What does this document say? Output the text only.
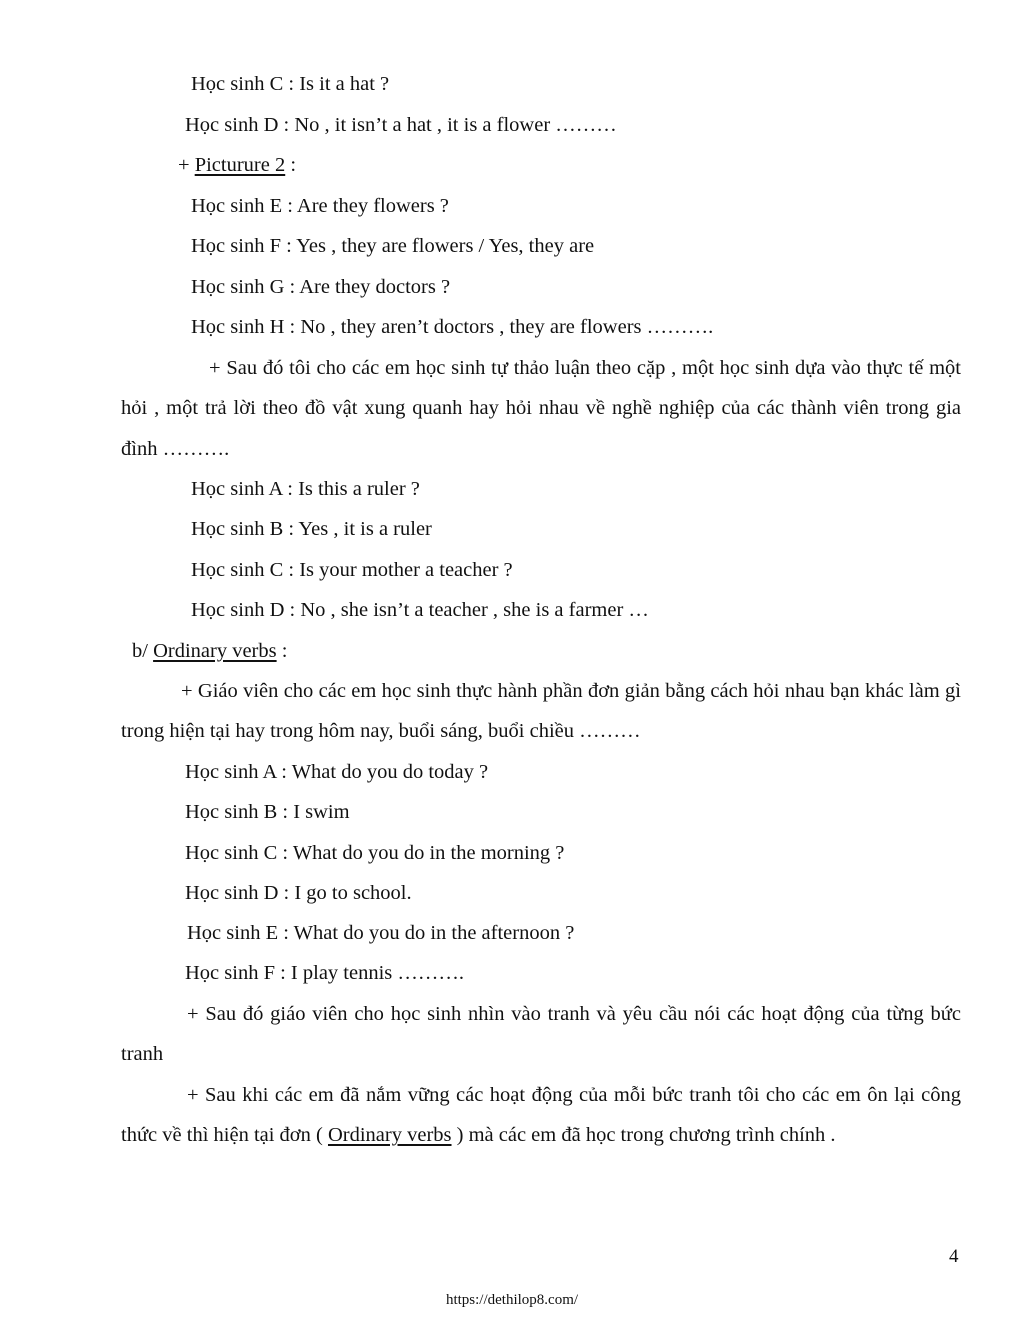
Học sinh C : Is it a hat ?
Học sinh D : No , it isn’t a hat , it is a flower ………
+ Picturure 2 :
Học sinh E : Are they flowers ?
Học sinh F : Yes , they are flowers / Yes, they are
Học sinh G : Are they doctors ?
Học sinh H : No , they aren’t doctors , they are flowers ……….
+ Sau đó tôi cho các em học sinh tự thảo luận theo cặp , một học sinh dựa vào thực tế một hỏi , một trả lời theo đồ vật xung quanh hay hỏi nhau về nghề nghiệp của các thành viên trong gia đình ……….
Học sinh A : Is this a ruler ?
Học sinh B : Yes , it is a ruler
Học sinh C : Is your mother a teacher ?
Học sinh D : No , she isn’t a teacher , she is a farmer …
b/ Ordinary verbs :
+ Giáo viên cho các em học sinh thực hành phần đơn giản bằng cách hỏi nhau bạn khác làm gì trong hiện tại hay trong hôm nay, buổi sáng, buổi chiều ………
Học sinh A : What do you do today ?
Học sinh B : I swim
Học sinh C : What do you do in the morning ?
Học sinh D : I go to school.
Học sinh E : What do you do in the afternoon ?
Học sinh F : I play tennis ……….
+ Sau đó giáo viên cho học sinh nhìn vào tranh và yêu cầu nói các hoạt động của từng bức tranh
+ Sau khi các em đã nắm vững các hoạt động của mỗi bức tranh tôi cho các em ôn lại công thức về thì hiện tại đơn ( Ordinary verbs ) mà các em đã học trong chương trình chính .
4
https://dethilop8.com/
